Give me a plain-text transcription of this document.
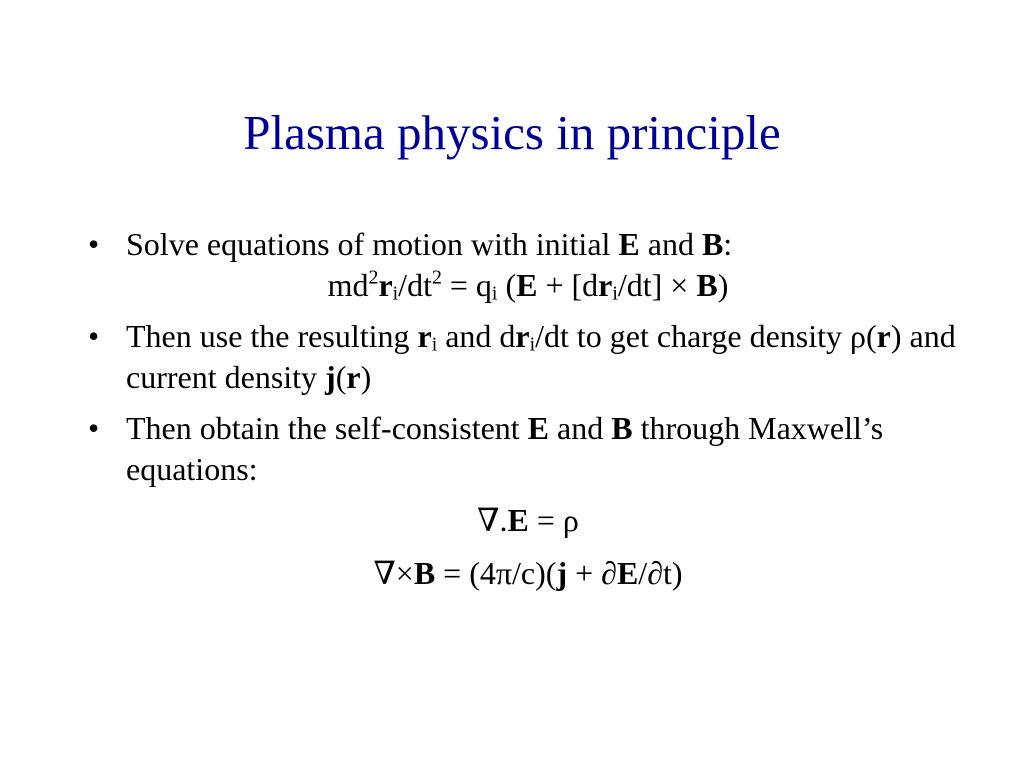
Plasma physics in principle
• Solve equations of motion with initial E and B:
$md^2r_i/dt^2 = q_i$ $(E + [dr_i/dt] \times B)$
• Then use the resulting $r_i$ and $dr_i/dt$ to get charge density ρ(r) and current density j(r)
• Then obtain the self-consistent E and B through Maxwell’s equations:
∇.E = ρ
∇×B = (4π/c)(j + ∂E/∂t)
